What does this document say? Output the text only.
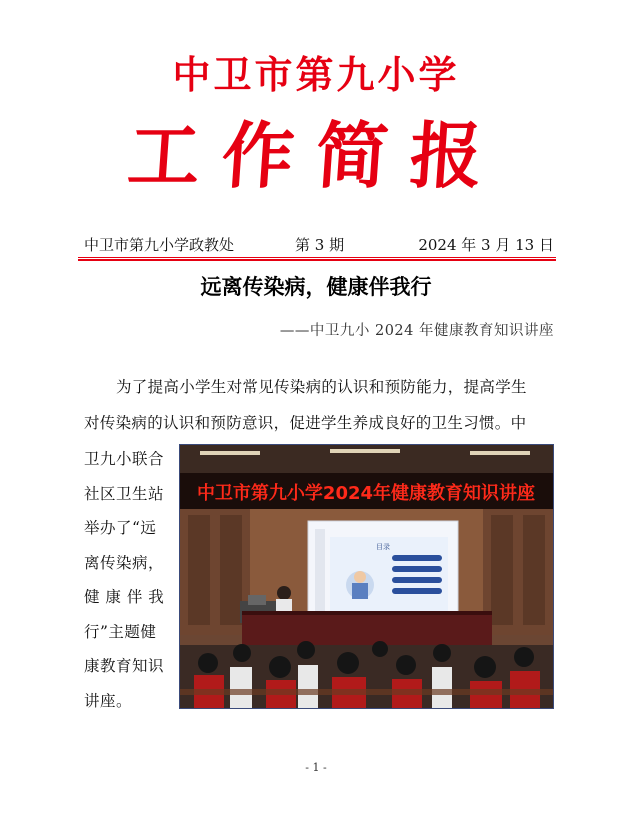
中卫市第九小学
工作简报
中卫市第九小学政教处	第 3 期	2024 年 3 月 13 日
远离传染病，健康伴我行
——中卫九小 2024 年健康教育知识讲座
为了提高小学生对常见传染病的认识和预防能力，提高学生
对传染病的认识和预防意识，促进学生养成良好的卫生习惯。中
卫九小联合
社区卫生站
举办了“远
离传染病，
健 康 伴 我
行”主题健
康教育知识
讲座。
中卫市第九小学2024年健康教育知识讲座
目录
- 1 -
